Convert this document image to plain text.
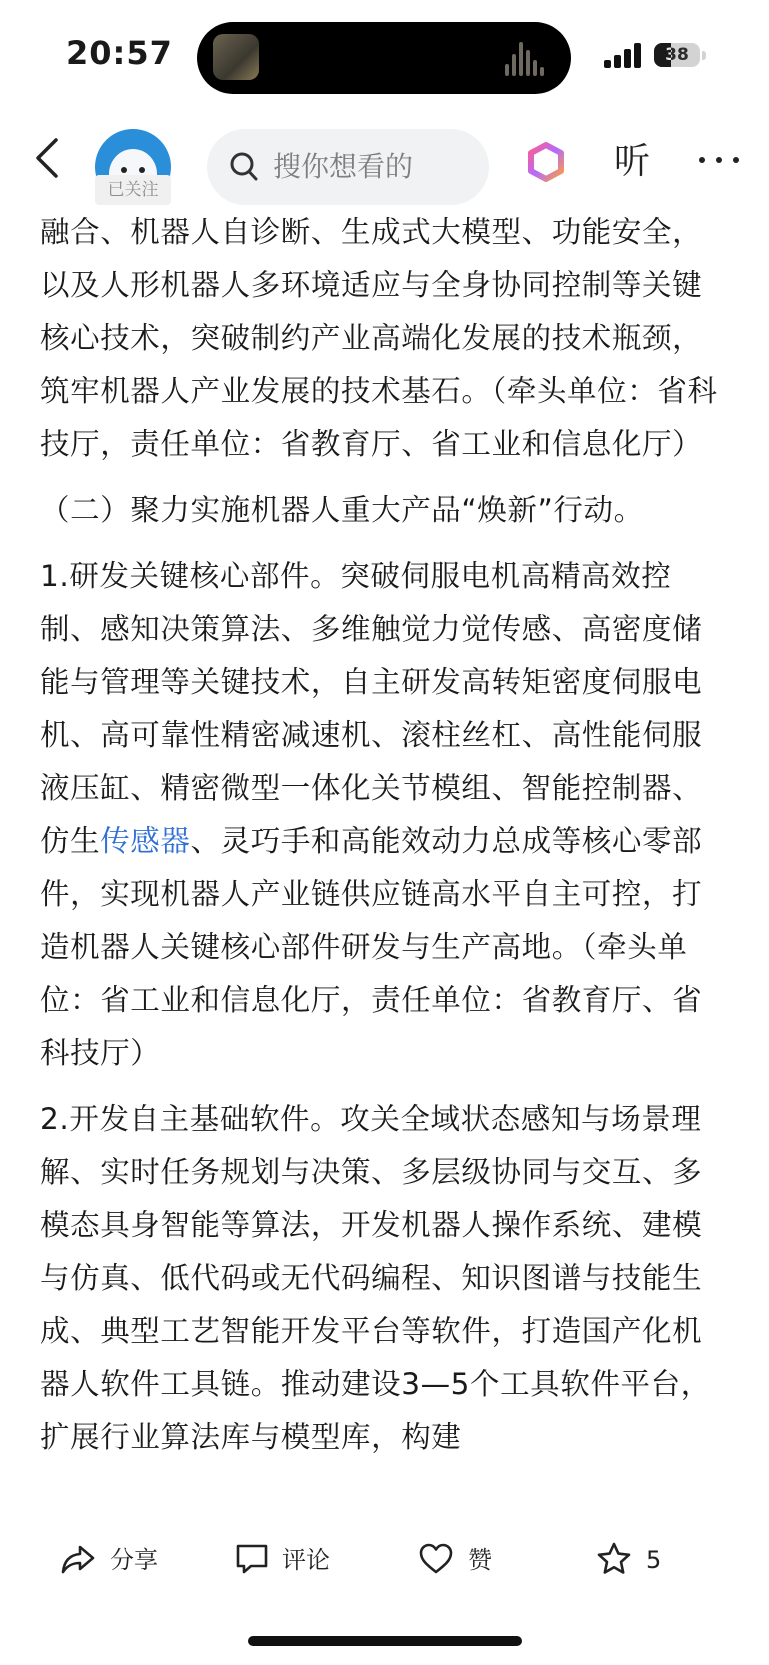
20:57	38
已关注
搜你想看的	听

融合、机器人自诊断、生成式大模型、功能安全，以及人形机器人多环境适应与全身协同控制等关键核心技术，突破制约产业高端化发展的技术瓶颈，筑牢机器人产业发展的技术基石。（牵头单位：省科技厅，责任单位：省教育厅、省工业和信息化厅）

（二）聚力实施机器人重大产品“焕新”行动。

1.研发关键核心部件。突破伺服电机高精高效控制、感知决策算法、多维触觉力觉传感、高密度储能与管理等关键技术，自主研发高转矩密度伺服电机、高可靠性精密减速机、滚柱丝杠、高性能伺服液压缸、精密微型一体化关节模组、智能控制器、仿生传感器、灵巧手和高能效动力总成等核心零部件，实现机器人产业链供应链高水平自主可控，打造机器人关键核心部件研发与生产高地。（牵头单位：省工业和信息化厅，责任单位：省教育厅、省科技厅）

2.开发自主基础软件。攻关全域状态感知与场景理解、实时任务规划与决策、多层级协同与交互、多模态具身智能等算法，开发机器人操作系统、建模与仿真、低代码或无代码编程、知识图谱与技能生成、典型工艺智能开发平台等软件，打造国产化机器人软件工具链。推动建设3—5个工具软件平台，扩展行业算法库与模型库，构建

分享	评论	赞	5
